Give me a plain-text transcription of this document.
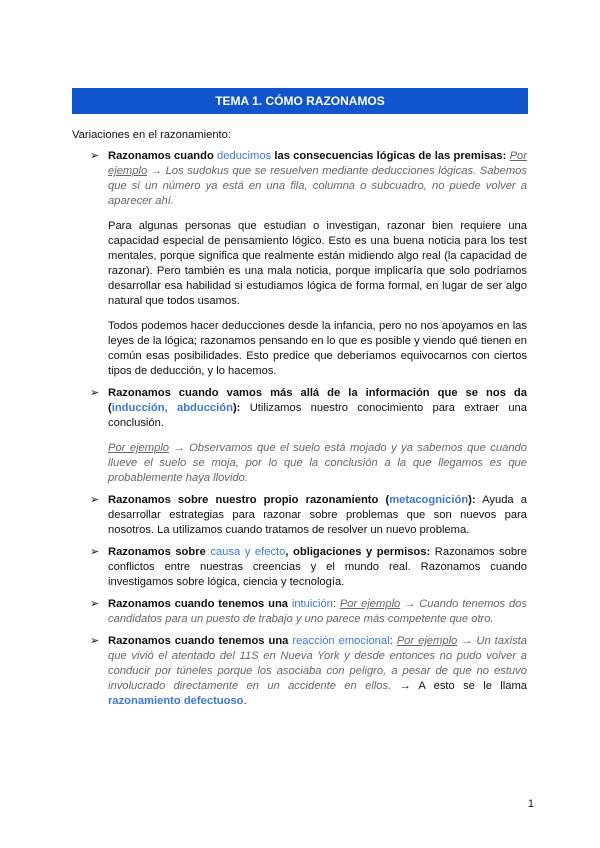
TEMA 1. CÓMO RAZONAMOS
Variaciones en el razonamiento:
➢ Razonamos cuando deducimos las consecuencias lógicas de las premisas: Por ejemplo → Los sudokus que se resuelven mediante deducciones lógicas. Sabemos que si un número ya está en una fila, columna o subcuadro, no puede volver a aparecer ahí.

Para algunas personas que estudian o investigan, razonar bien requiere una capacidad especial de pensamiento lógico. Esto es una buena noticia para los test mentales, porque significa que realmente están midiendo algo real (la capacidad de razonar). Pero también es una mala noticia, porque implicaría que solo podríamos desarrollar esa habilidad si estudiamos lógica de forma formal, en lugar de ser algo natural que todos usamos.

Todos podemos hacer deducciones desde la infancia, pero no nos apoyamos en las leyes de la lógica; razonamos pensando en lo que es posible y viendo qué tienen en común esas posibilidades. Esto predice que deberíamos equivocarnos con ciertos tipos de deducción, y lo hacemos.

➢ Razonamos cuando vamos más allá de la información que se nos da (inducción, abducción): Utilizamos nuestro conocimiento para extraer una conclusión.

Por ejemplo → Observamos que el suelo está mojado y ya sabemos que cuando llueve el suelo se moja, por lo que la conclusión a la que llegamos es que probablemente haya llovido.

➢ Razonamos sobre nuestro propio razonamiento (metacognición): Ayuda a desarrollar estrategias para razonar sobre problemas que son nuevos para nosotros. La utilizamos cuando tratamos de resolver un nuevo problema.

➢ Razonamos sobre causa y efecto, obligaciones y permisos: Razonamos sobre conflictos entre nuestras creencias y el mundo real. Razonamos cuando investigamos sobre lógica, ciencia y tecnología.

➢ Razonamos cuando tenemos una intuición: Por ejemplo → Cuando tenemos dos candidatos para un puesto de trabajo y uno parece más competente que otro.

➢ Razonamos cuando tenemos una reacción emocional: Por ejemplo → Un taxista que vivió el atentado del 11S en Nueva York y desde entonces no pudo volver a conducir por túneles porque los asociaba con peligro, a pesar de que no estuvo involucrado directamente en un accidente en ellos. → A esto se le llama razonamiento defectuoso.

1
